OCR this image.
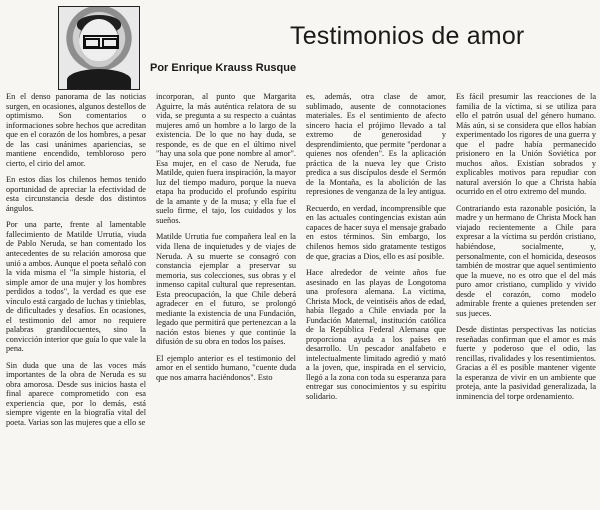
Testimonios de amor
Por Enrique Krauss Rusque

En el denso panorama de las noticias surgen, en ocasiones, algunos destellos de optimismo. Son comentarios o informaciones sobre hechos que acreditan que en el corazón de los hombres, a pesar de las casi unánimes apariencias, se mantiene encendido, tembloroso pero cierto, el cirio del amor.

En estos días los chilenos hemos tenido oportunidad de apreciar la efectividad de esta circunstancia desde dos distintos ángulos.

Por una parte, frente al lamentable fallecimiento de Matilde Urrutia, viuda de Pablo Neruda, se han comentado los antecedentes de su relación amorosa que unió a ambos. Aunque el poeta señaló con la vida misma el "la simple historia, el simple amor de una mujer y los hombres perdidos a todos", la verdad es que ese vínculo está cargado de luchas y tinieblas, de dificultades y desafíos. En ocasiones, el testimonio del amor no requiere palabras grandilocuentes, sino la convicción interior que guía lo que vale la pena.

Sin duda que una de las voces más importantes de la obra de Neruda es su obra amorosa. Desde sus inicios hasta el final aparece comprometido con esa experiencia que, por lo demás, está siempre vigente en la biografía vital del poeta. Varias son las mujeres que a ello se

incorporan, al punto que Margarita Aguirre, la más auténtica relatora de su vida, se pregunta a su respecto a cuántas mujeres amó un hombre a lo largo de la existencia. De lo que no hay duda, se responde, es de que en el último nivel "hay una sola que pone nombre al amor". Esa mujer, en el caso de Neruda, fue Matilde, quien fuera inspiración, la mayor luz del tiempo maduro, porque la nueva etapa ha producido el profundo espíritu de la amante y de la musa; y ella fue el suelo firme, el tajo, los cuidados y los sueños.

Matilde Urrutia fue compañera leal en la vida llena de inquietudes y de viajes de Neruda. A su muerte se consagró con constancia ejemplar a preservar su memoria, sus colecciones, sus obras y el inmenso capital cultural que representan. Esta preocupación, la que Chile deberá agradecer en el futuro, se prolongó mediante la existencia de una Fundación, legado que permitirá que pertenezcan a la nación estos bienes y que continúe la difusión de su obra en todos los países.

El ejemplo anterior es el testimonio del amor en el sentido humano, "cuente duda que nos amarra haciéndonos". Esto

es, además, otra clase de amor, sublimado, ausente de connotaciones materiales. Es el sentimiento de afecto sincero hacia el prójimo llevado a tal extremo de generosidad y desprendimiento, que permite "perdonar a quienes nos ofenden". Es la aplicación práctica de la nueva ley que Cristo predica a sus discípulos desde el Sermón de la Montaña, es la abolición de las represiones de venganza de la ley antigua.

Recuerdo, en verdad, incomprensible que en las actuales contingencias existan aún capaces de hacer suya el mensaje grabado en estos términos. Sin embargo, los chilenos hemos sido gratamente testigos de que, gracias a Dios, ello es así posible.

Hace alrededor de veinte años fue asesinado en las playas de Longotoma una profesora alemana. La víctima, Christa Mock, de veintiséis años de edad, había llegado a Chile enviada por la Fundación Maternal, institución católica de la República Federal Alemana que proporciona ayuda a los países en desarrollo. Un pescador analfabeto e intelectualmente limitado agredió y mató a la joven, que, inspirada en el servicio, llegó a la zona con toda su esperanza para entregar sus conocimientos y su espíritu solidario.

Es fácil presumir las reacciones de la familia de la víctima, si se utiliza para ello el patrón usual del género humano. Más aún, si se considera que ellos habían experimentado los rigores de una guerra y que el padre había permanecido prisionero en la Unión Soviética por muchos años. Existían sobrados y explicables motivos para repudiar con natural aversión lo que a Christa había ocurrido en el otro extremo del mundo.

Contrariando esta razonable posición, la madre y un hermano de Christa Mock han viajado recientemente a Chile para expresar a la víctima su perdón cristiano, habiéndose, socialmente, y, personalmente, con el homicida, deseosos también de mostrar que aquel sentimiento que la mueve, no es otro que el del más puro amor cristiano, cumplido y vivido desde el corazón, como modelo admirable frente a quienes pretenden ser sus jueces.

Desde distintas perspectivas las noticias reseñadas confirman que el amor es más fuerte y poderoso que el odio, las rencillas, rivalidades y los resentimientos. Gracias a él es posible mantener vigente la esperanza de vivir en un ambiente que proteja, ante la pasividad generalizada, la inminencia del torpe ordenamiento.
